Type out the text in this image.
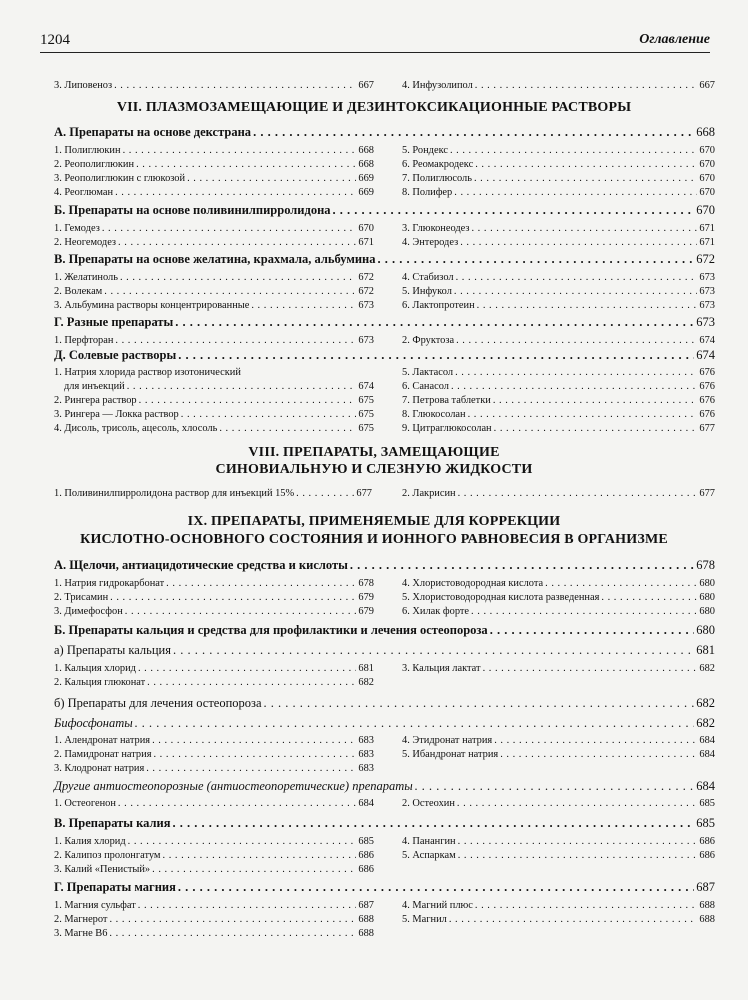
1204	Оглавление
3. Липовеноз . . .	667	4. Инфузолипол . . .	667
VII. ПЛАЗМОЗАМЕЩАЮЩИЕ И ДЕЗИНТОКСИКАЦИОННЫЕ РАСТВОРЫ
А. Препараты на основе декстрана . . .	668
1. Полиглюкин . . .	668
2. Реополиглюкин . . .	668
3. Реополиглюкин с глюкозой . . .	669
4. Реоглюман . . .	669
5. Рондекс . . .	670
6. Реомакродекс . . .	670
7. Полиглюсоль . . .	670
8. Полифер . . .	670
Б. Препараты на основе поливинилпирролидона . . .	670
1. Гемодез . . .	670
2. Неогемодез . . .	671
3. Глюконеодез . . .	671
4. Энтеродез . . .	671
В. Препараты на основе желатина, крахмала, альбумина . . .	672
1. Желатиноль . . .	672
2. Волекам . . .	672
3. Альбумина растворы концентрированные . . .	673
4. Стабизол . . .	673
5. Инфукол . . .	673
6. Лактопротеин . . .	673
Г. Разные препараты . . .	673
1. Перфторан . . .	673	2. Фруктоза . . .	674
Д. Солевые растворы . . .	674
1. Натрия хлорида раствор изотонический
для инъекций . . .	674
2. Рингера раствор . . .	675
3. Рингера — Локка раствор . . .	675
4. Дисоль, трисоль, ацесоль, хлосоль . . .	675
5. Лактасол . . .	676
6. Санасол . . .	676
7. Петрова таблетки . . .	676
8. Глюкосолан . . .	676
9. Цитраглюкосолан . . .	677
VIII. ПРЕПАРАТЫ, ЗАМЕЩАЮЩИЕ
СИНОВИАЛЬНУЮ И СЛЕЗНУЮ ЖИДКОСТИ
1. Поливинилпирролидона раствор для инъекций 15% . . .	677	2. Лакрисин . . .	677
IX. ПРЕПАРАТЫ, ПРИМЕНЯЕМЫЕ ДЛЯ КОРРЕКЦИИ
КИСЛОТНО-ОСНОВНОГО СОСТОЯНИЯ И ИОННОГО РАВНОВЕСИЯ В ОРГАНИЗМЕ
А. Щелочи, антиацидотические средства и кислоты . . .	678
1. Натрия гидрокарбонат . . .	678
2. Трисамин . . .	679
3. Димефосфон . . .	679
4. Хлористоводородная кислота . . .	680
5. Хлористоводородная кислота разведенная . . .	680
6. Хилак форте . . .	680
Б. Препараты кальция и средства для профилактики и лечения остеопороза . . .	680
а) Препараты кальция . . .	681
1. Кальция хлорид . . .	681
2. Кальция глюконат . . .	682
3. Кальция лактат . . .	682
б) Препараты для лечения остеопороза . . .	682
Бифосфонаты . . .	682
1. Алендронат натрия . . .	683
2. Памидронат натрия . . .	683
3. Клодронат натрия . . .	683
4. Этидронат натрия . . .	684
5. Ибандронат натрия . . .	684
Другие антиостеопорозные (антиостеопоретические) препараты . . .	684
1. Остеогенон . . .	684	2. Остеохин . . .	685
В. Препараты калия . . .	685
1. Калия хлорид . . .	685
2. Калипоз пролонгатум . . .	686
3. Калий «Пенистый» . . .	686
4. Панангин . . .	686
5. Аспаркам . . .	686
Г. Препараты магния . . .	687
1. Магния сульфат . . .	687
2. Магнерот . . .	688
3. Магне B6 . . .	688
4. Магний плюс . . .	688
5. Магнил . . .	688
